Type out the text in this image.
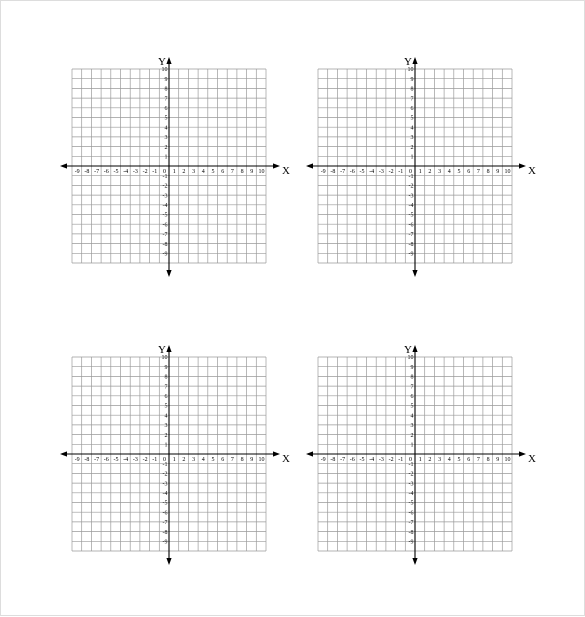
X
Y
-9 -8 -7 -6 -5 -4 -3 -2 -1 0 1 2 3 4 5 6 7 8 9 10
10
9
8
7
6
5
4
3
2
1
-1
-2
-3
-4
-5
-6
-7
-8
-9
X
Y
-9 -8 -7 -6 -5 -4 -3 -2 -1 0 1 2 3 4 5 6 7 8 9 10
10
9
8
7
6
5
4
3
2
1
-1
-2
-3
-4
-5
-6
-7
-8
-9
X
Y
-9 -8 -7 -6 -5 -4 -3 -2 -1 0 1 2 3 4 5 6 7 8 9 10
10
9
8
7
6
5
4
3
2
1
-1
-2
-3
-4
-5
-6
-7
-8
-9
X
Y
-9 -8 -7 -6 -5 -4 -3 -2 -1 0 1 2 3 4 5 6 7 8 9 10
10
9
8
7
6
5
4
3
2
1
-1
-2
-3
-4
-5
-6
-7
-8
-9
